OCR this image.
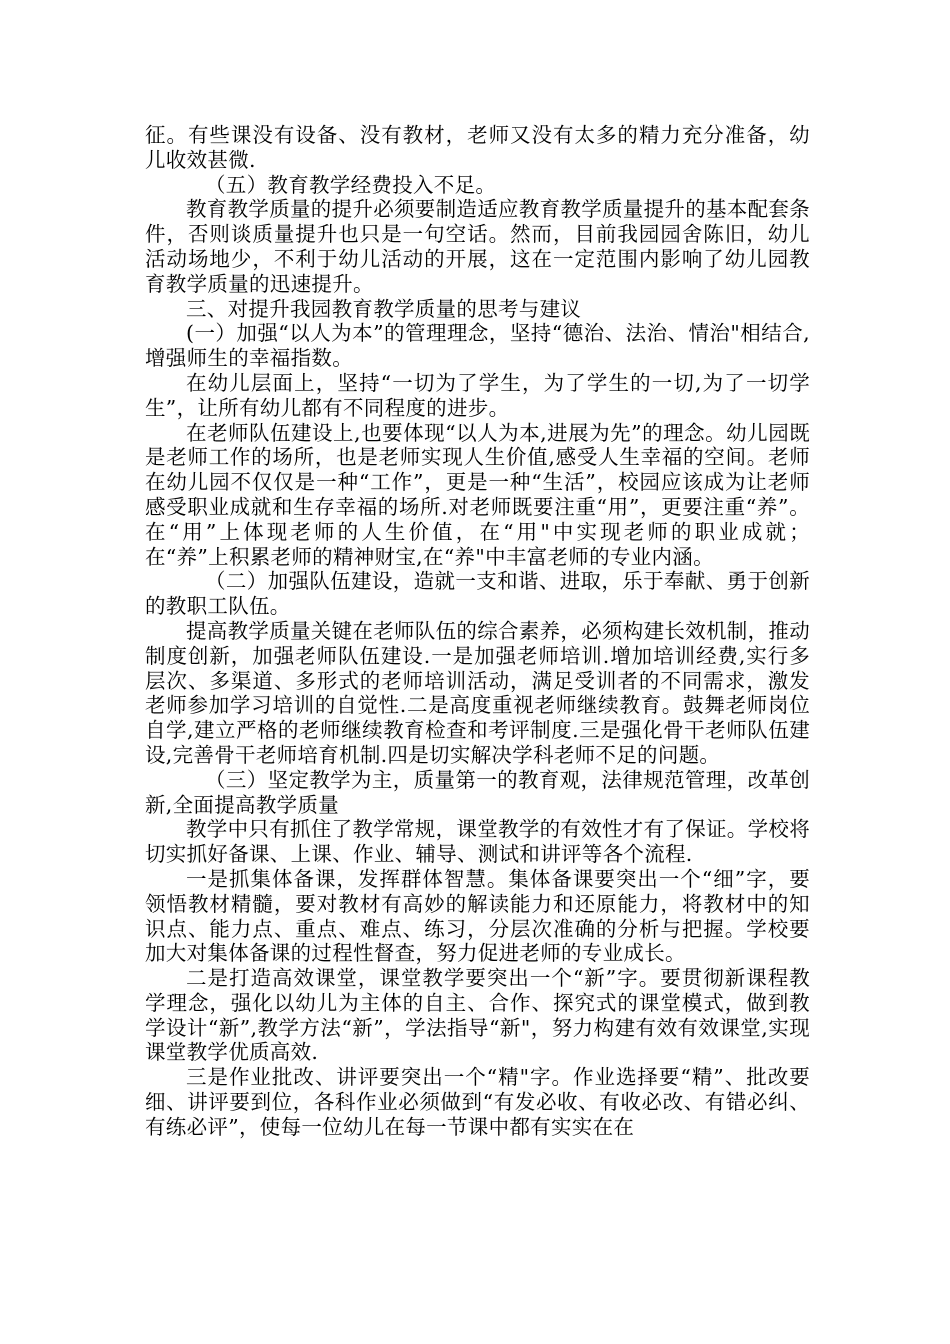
征。有些课没有设备、没有教材，老师又没有太多的精力充分准备，幼儿收效甚微.

（五）教育教学经费投入不足。

教育教学质量的提升必须要制造适应教育教学质量提升的基本配套条件，否则谈质量提升也只是一句空话。然而，目前我园园舍陈旧，幼儿活动场地少，不利于幼儿活动的开展，这在一定范围内影响了幼儿园教育教学质量的迅速提升。

三、对提升我园教育教学质量的思考与建议

(一）加强“以人为本”的管理理念，坚持“德治、法治、情治"相结合,增强师生的幸福指数。

在幼儿层面上，坚持“一切为了学生，为了学生的一切,为了一切学生”，让所有幼儿都有不同程度的进步。

在老师队伍建设上,也要体现“以人为本,进展为先”的理念。幼儿园既是老师工作的场所，也是老师实现人生价值,感受人生幸福的空间。老师在幼儿园不仅仅是一种“工作”，更是一种“生活”，校园应该成为让老师感受职业成就和生存幸福的场所.对老师既要注重“用”，更要注重“养”。在“用”上体现老师的人生价值，在“用"中实现老师的职业成就；在“养”上积累老师的精神财宝,在“养"中丰富老师的专业内涵。

（二）加强队伍建设，造就一支和谐、进取，乐于奉献、勇于创新的教职工队伍。

提高教学质量关键在老师队伍的综合素养，必须构建长效机制，推动制度创新，加强老师队伍建设.一是加强老师培训.增加培训经费,实行多层次、多渠道、多形式的老师培训活动，满足受训者的不同需求，激发老师参加学习培训的自觉性.二是高度重视老师继续教育。鼓舞老师岗位自学,建立严格的老师继续教育检查和考评制度.三是强化骨干老师队伍建设,完善骨干老师培育机制.四是切实解决学科老师不足的问题。

（三）坚定教学为主，质量第一的教育观，法律规范管理，改革创新,全面提高教学质量

教学中只有抓住了教学常规，课堂教学的有效性才有了保证。学校将切实抓好备课、上课、作业、辅导、测试和讲评等各个流程.

一是抓集体备课，发挥群体智慧。集体备课要突出一个“细”字，要领悟教材精髓，要对教材有高妙的解读能力和还原能力，将教材中的知识点、能力点、重点、难点、练习，分层次准确的分析与把握。学校要加大对集体备课的过程性督查，努力促进老师的专业成长。

二是打造高效课堂，课堂教学要突出一个“新”字。要贯彻新课程教学理念，强化以幼儿为主体的自主、合作、探究式的课堂模式，做到教学设计“新”,教学方法“新”，学法指导“新"，努力构建有效有效课堂,实现课堂教学优质高效.

三是作业批改、讲评要突出一个“精"字。作业选择要“精”、批改要细、讲评要到位，各科作业必须做到“有发必收、有收必改、有错必纠、有练必评”，使每一位幼儿在每一节课中都有实实在在
